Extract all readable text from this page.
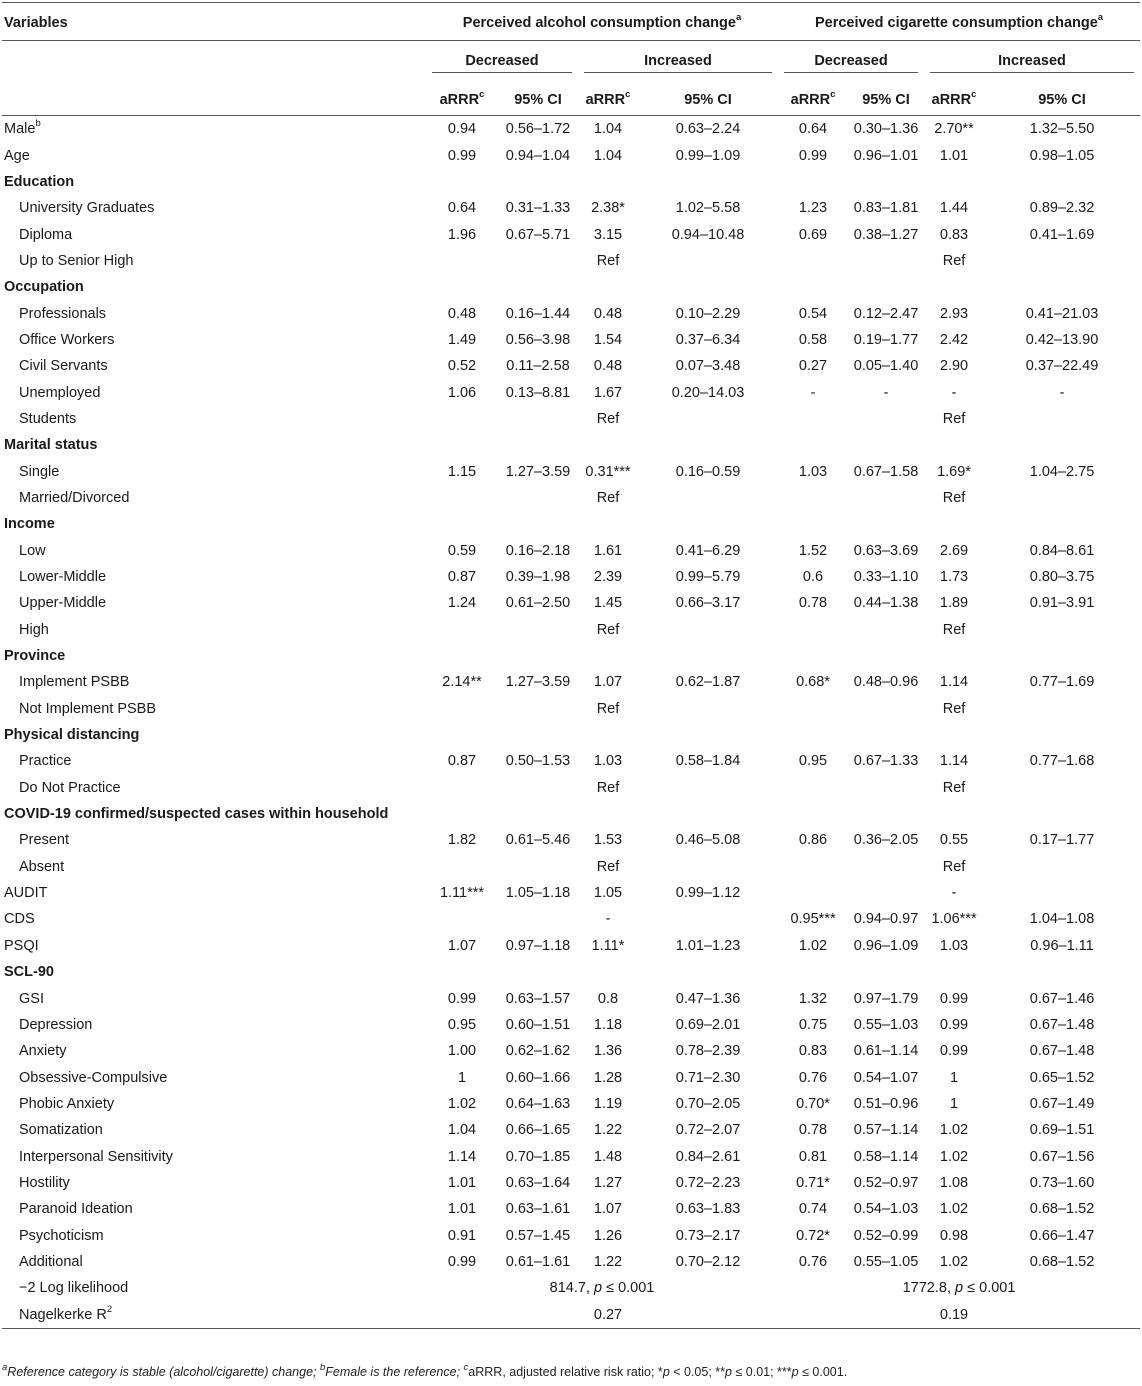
Variables	Perceived alcohol consumption change$^a$				Perceived cigarette consumption change$^a$

	Decreased		Increased		Decreased		Increased	

	aRRR$^c$	95% CI	aRRR$^c$	95% CI	aRRR$^c$	95% CI	aRRR$^c$	95% CI
Male$^b$	0.94	0.56–1.72	1.04	0.63–2.24	0.64	0.30–1.36	2.70**	1.32–5.50
Age	0.99	0.94–1.04	1.04	0.99–1.09	0.99	0.96–1.01	1.01	0.98–1.05
Education								
University Graduates	0.64	0.31–1.33	2.38*	1.02–5.58	1.23	0.83–1.81	1.44	0.89–2.32
Diploma	1.96	0.67–5.71	3.15	0.94–10.48	0.69	0.38–1.27	0.83	0.41–1.69
Up to Senior High			Ref				Ref	
Occupation								
Professionals	0.48	0.16–1.44	0.48	0.10–2.29	0.54	0.12–2.47	2.93	0.41–21.03
Office Workers	1.49	0.56–3.98	1.54	0.37–6.34	0.58	0.19–1.77	2.42	0.42–13.90
Civil Servants	0.52	0.11–2.58	0.48	0.07–3.48	0.27	0.05–1.40	2.90	0.37–22.49
Unemployed	1.06	0.13–8.81	1.67	0.20–14.03	-	-	-	-
Students			Ref				Ref	
Marital status								
Single	1.15	1.27–3.59	0.31***	0.16–0.59	1.03	0.67–1.58	1.69*	1.04–2.75
Married/Divorced			Ref				Ref	
Income								
Low	0.59	0.16–2.18	1.61	0.41–6.29	1.52	0.63–3.69	2.69	0.84–8.61
Lower-Middle	0.87	0.39–1.98	2.39	0.99–5.79	0.6	0.33–1.10	1.73	0.80–3.75
Upper-Middle	1.24	0.61–2.50	1.45	0.66–3.17	0.78	0.44–1.38	1.89	0.91–3.91
High			Ref				Ref	
Province								
Implement PSBB	2.14**	1.27–3.59	1.07	0.62–1.87	0.68*	0.48–0.96	1.14	0.77–1.69
Not Implement PSBB			Ref				Ref	
Physical distancing								
Practice	0.87	0.50–1.53	1.03	0.58–1.84	0.95	0.67–1.33	1.14	0.77–1.68
Do Not Practice			Ref				Ref	
COVID-19 confirmed/suspected cases within household								
Present	1.82	0.61–5.46	1.53	0.46–5.08	0.86	0.36–2.05	0.55	0.17–1.77
Absent			Ref				Ref	
AUDIT	1.11***	1.05–1.18	1.05	0.99–1.12			-	
CDS			-		0.95***	0.94–0.97	1.06***	1.04–1.08
PSQI	1.07	0.97–1.18	1.11*	1.01–1.23	1.02	0.96–1.09	1.03	0.96–1.11
SCL-90								
GSI	0.99	0.63–1.57	0.8	0.47–1.36	1.32	0.97–1.79	0.99	0.67–1.46
Depression	0.95	0.60–1.51	1.18	0.69–2.01	0.75	0.55–1.03	0.99	0.67–1.48
Anxiety	1.00	0.62–1.62	1.36	0.78–2.39	0.83	0.61–1.14	0.99	0.67–1.48
Obsessive-Compulsive	1	0.60–1.66	1.28	0.71–2.30	0.76	0.54–1.07	1	0.65–1.52
Phobic Anxiety	1.02	0.64–1.63	1.19	0.70–2.05	0.70*	0.51–0.96	1	0.67–1.49
Somatization	1.04	0.66–1.65	1.22	0.72–2.07	0.78	0.57–1.14	1.02	0.69–1.51
Interpersonal Sensitivity	1.14	0.70–1.85	1.48	0.84–2.61	0.81	0.58–1.14	1.02	0.67–1.56
Hostility	1.01	0.63–1.64	1.27	0.72–2.23	0.71*	0.52–0.97	1.08	0.73–1.60
Paranoid Ideation	1.01	0.63–1.61	1.07	0.63–1.83	0.74	0.54–1.03	1.02	0.68–1.52
Psychoticism	0.91	0.57–1.45	1.26	0.73–2.17	0.72*	0.52–0.99	0.98	0.66–1.47
Additional	0.99	0.61–1.61	1.22	0.70–2.12	0.76	0.55–1.05	1.02	0.68–1.52
−2 Log likelihood	814.7, p ≤ 0.001				1772.8, p ≤ 0.001			
Nagelkerke $R^2$			0.27				0.19	
$^a$Reference category is stable (alcohol/cigarette) change; $^b$Female is the reference; $^c$aRRR, adjusted relative risk ratio; *p < 0.05; **p ≤ 0.01; ***p ≤ 0.001.
